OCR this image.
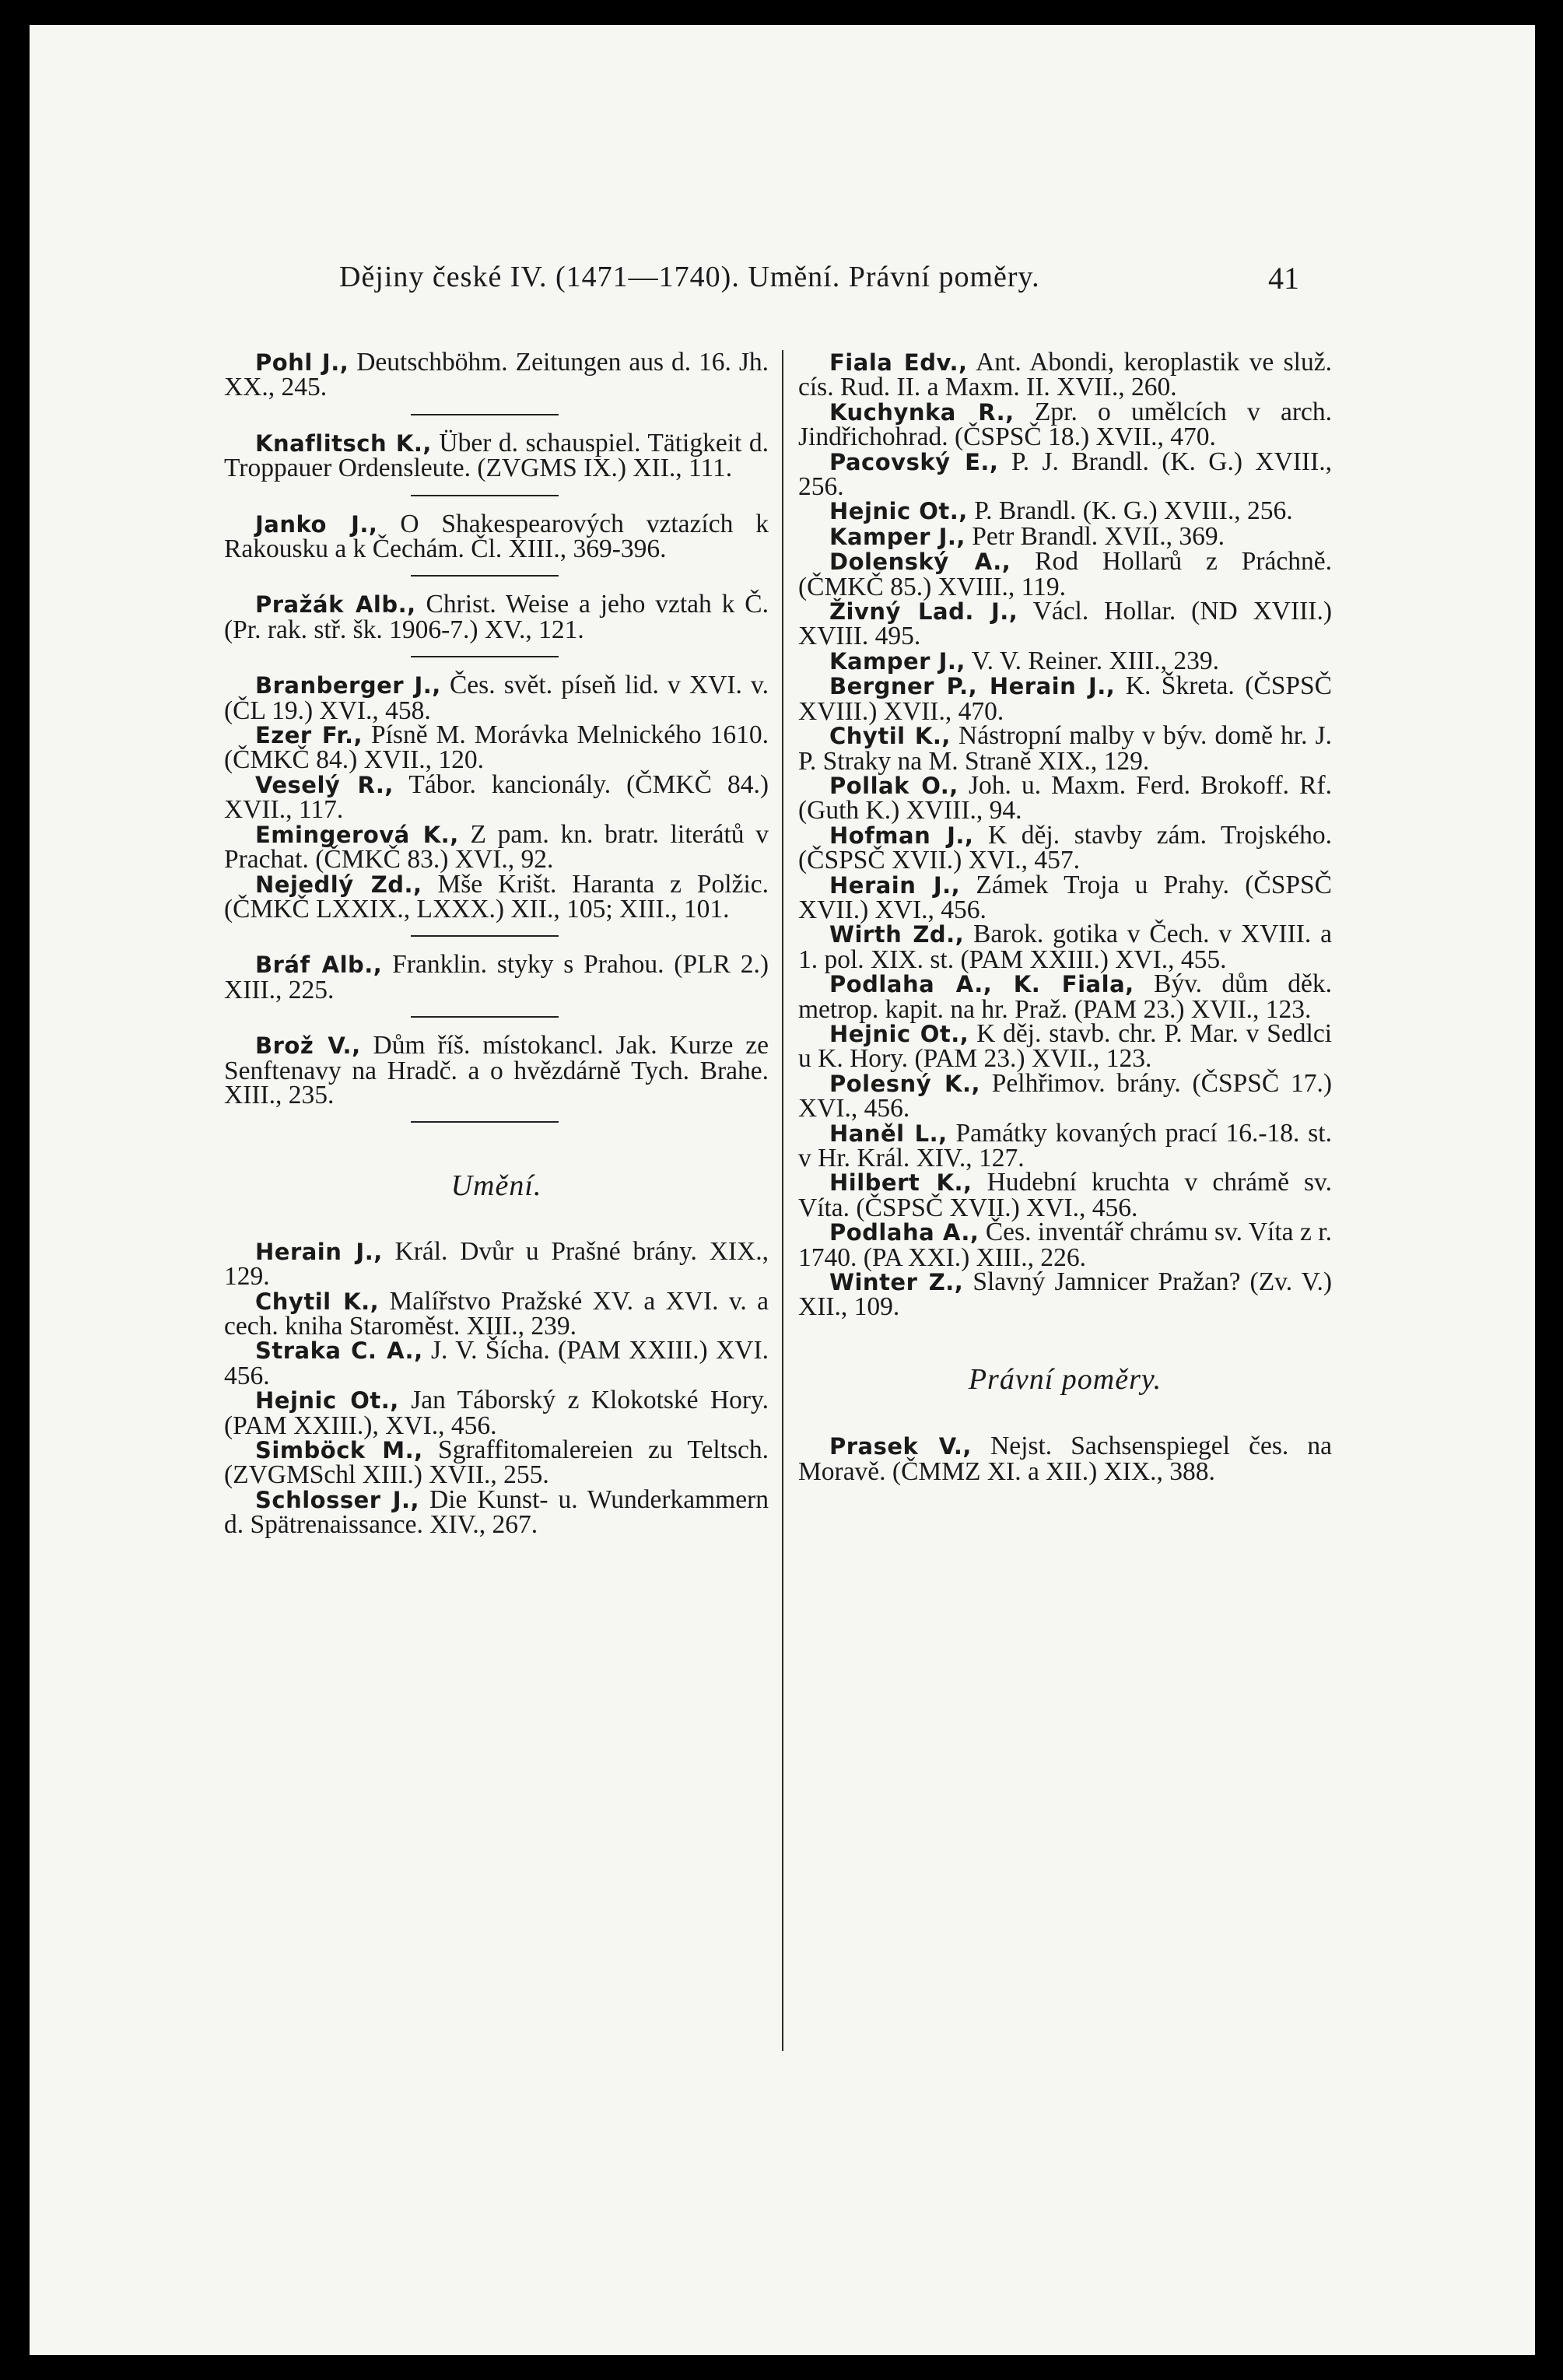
Dějiny české IV. (1471—1740). Umění. Právní poměry.	41

Pohl J., Deutschböhm. Zeitungen aus d. 16. Jh. XX., 245.

Knaflitsch K., Über d. schauspiel. Tätigkeit d. Troppauer Ordensleute. (ZVGMS IX.) XII., 111.

Janko J., O Shakespearových vztazích k Rakousku a k Čechám. Čl. XIII., 369-396.

Pražák Alb., Christ. Weise a jeho vztah k Č. (Pr. rak. stř. šk. 1906-7.) XV., 121.

Branberger J., Čes. svět. píseň lid. v XVI. v. (ČL 19.) XVI., 458.

Ezer Fr., Písně M. Morávka Melnického 1610. (ČMKČ 84.) XVII., 120.

Veselý R., Tábor. kancionály. (ČMKČ 84.) XVII., 117.

Emingerová K., Z pam. kn. bratr. literátů v Prachat. (ČMKČ 83.) XVI., 92.

Nejedlý Zd., Mše Krišt. Haranta z Polžic. (ČMKČ LXXIX., LXXX.) XII., 105; XIII., 101.

Bráf Alb., Franklin. styky s Prahou. (PLR 2.) XIII., 225.

Brož V., Dům říš. místokancl. Jak. Kurze ze Senftenavy na Hradč. a o hvězdárně Tych. Brahe. XIII., 235.

Umění.

Herain J., Král. Dvůr u Prašné brány. XIX., 129.

Chytil K., Malířstvo Pražské XV. a XVI. v. a cech. kniha Staroměst. XIII., 239.

Straka C. A., J. V. Šícha. (PAM XXIII.) XVI. 456.

Hejnic Ot., Jan Táborský z Klokotské Hory. (PAM XXIII.), XVI., 456.

Simböck M., Sgraffitomalereien zu Teltsch. (ZVGMSchl XIII.) XVII., 255.

Schlosser J., Die Kunst- u. Wunderkammern d. Spätrenaissance. XIV., 267.

Fiala Edv., Ant. Abondi, keroplastik ve služ. cís. Rud. II. a Maxm. II. XVII., 260.

Kuchynka R., Zpr. o umělcích v arch. Jindřichohrad. (ČSPSČ 18.) XVII., 470.

Pacovský E., P. J. Brandl. (K. G.) XVIII., 256.

Hejnic Ot., P. Brandl. (K. G.) XVIII., 256.

Kamper J., Petr Brandl. XVII., 369.

Dolenský A., Rod Hollarů z Práchně. (ČMKČ 85.) XVIII., 119.

Živný Lad. J., Václ. Hollar. (ND XVIII.) XVIII. 495.

Kamper J., V. V. Reiner. XIII., 239.

Bergner P., Herain J., K. Škreta. (ČSPSČ XVIII.) XVII., 470.

Chytil K., Nástropní malby v býv. domě hr. J. P. Straky na M. Straně XIX., 129.

Pollak O., Joh. u. Maxm. Ferd. Brokoff. Rf. (Guth K.) XVIII., 94.

Hofman J., K děj. stavby zám. Trojského. (ČSPSČ XVII.) XVI., 457.

Herain J., Zámek Troja u Prahy. (ČSPSČ XVII.) XVI., 456.

Wirth Zd., Barok. gotika v Čech. v XVIII. a 1. pol. XIX. st. (PAM XXIII.) XVI., 455.

Podlaha A., K. Fiala, Býv. dům děk. metrop. kapit. na hr. Praž. (PAM 23.) XVII., 123.

Hejnic Ot., K děj. stavb. chr. P. Mar. v Sedlci u K. Hory. (PAM 23.) XVII., 123.

Polesný K., Pelhřimov. brány. (ČSPSČ 17.) XVI., 456.

Haněl L., Památky kovaných prací 16.-18. st. v Hr. Král. XIV., 127.

Hilbert K., Hudební kruchta v chrámě sv. Víta. (ČSPSČ XVII.) XVI., 456.

Podlaha A., Čes. inventář chrámu sv. Víta z r. 1740. (PA XXI.) XIII., 226.

Winter Z., Slavný Jamnicer Pražan? (Zv. V.) XII., 109.

Právní poměry.

Prasek V., Nejst. Sachsenspiegel čes. na Moravě. (ČMMZ XI. a XII.) XIX., 388.
